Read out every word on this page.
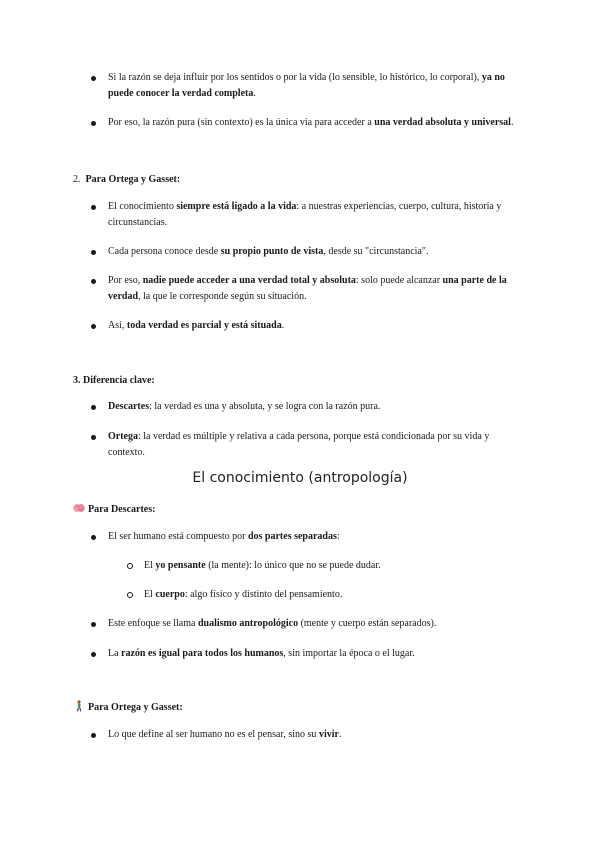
Si la razón se deja influir por los sentidos o por la vida (lo sensible, lo histórico, lo corporal), ya no puede conocer la verdad completa.
Por eso, la razón pura (sin contexto) es la única vía para acceder a una verdad absoluta y universal.
2. Para Ortega y Gasset:
El conocimiento siempre está ligado a la vida: a nuestras experiencias, cuerpo, cultura, historia y circunstancias.
Cada persona conoce desde su propio punto de vista, desde su "circunstancia".
Por eso, nadie puede acceder a una verdad total y absoluta: solo puede alcanzar una parte de la verdad, la que le corresponde según su situación.
Así, toda verdad es parcial y está situada.
3. Diferencia clave:
Descartes: la verdad es una y absoluta, y se logra con la razón pura.
Ortega: la verdad es múltiple y relativa a cada persona, porque está condicionada por su vida y contexto.
El conocimiento (antropología)
Para Descartes:
El ser humano está compuesto por dos partes separadas:
El yo pensante (la mente): lo único que no se puede dudar.
El cuerpo: algo físico y distinto del pensamiento.
Este enfoque se llama dualismo antropológico (mente y cuerpo están separados).
La razón es igual para todos los humanos, sin importar la época o el lugar.
Para Ortega y Gasset:
Lo que define al ser humano no es el pensar, sino su vivir.
